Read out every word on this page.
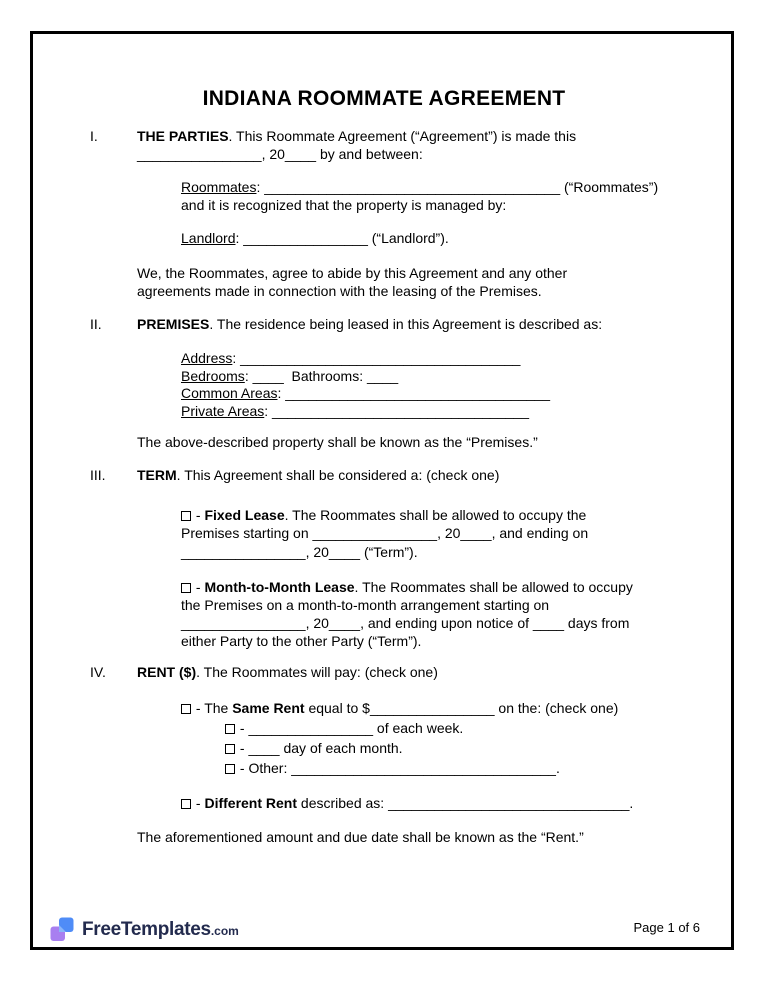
INDIANA ROOMMATE AGREEMENT
I.	THE PARTIES. This Roommate Agreement (“Agreement”) is made this
________________, 20____ by and between:
Roommates: ______________________________________ (“Roommates”)
and it is recognized that the property is managed by:
Landlord: ________________ (“Landlord”).
We, the Roommates, agree to abide by this Agreement and any other
agreements made in connection with the leasing of the Premises.
II.	PREMISES. The residence being leased in this Agreement is described as:
Address: ____________________________________
Bedrooms: ____  Bathrooms: ____
Common Areas: __________________________________
Private Areas: _________________________________
The above-described property shall be known as the “Premises.”
III. TERM. This Agreement shall be considered a: (check one)
- Fixed Lease. The Roommates shall be allowed to occupy the
Premises starting on ________________, 20____, and ending on
________________, 20____ (“Term”).
- Month-to-Month Lease. The Roommates shall be allowed to occupy
the Premises on a month-to-month arrangement starting on
________________, 20____, and ending upon notice of ____ days from
either Party to the other Party (“Term”).
IV. RENT ($). The Roommates will pay: (check one)
- The Same Rent equal to $________________ on the: (check one)
- ________________ of each week.
- ____ day of each month.
- Other: __________________________________.
- Different Rent described as: _______________________________.
The aforementioned amount and due date shall be known as the “Rent.”
FreeTemplates.com	Page 1 of 6
